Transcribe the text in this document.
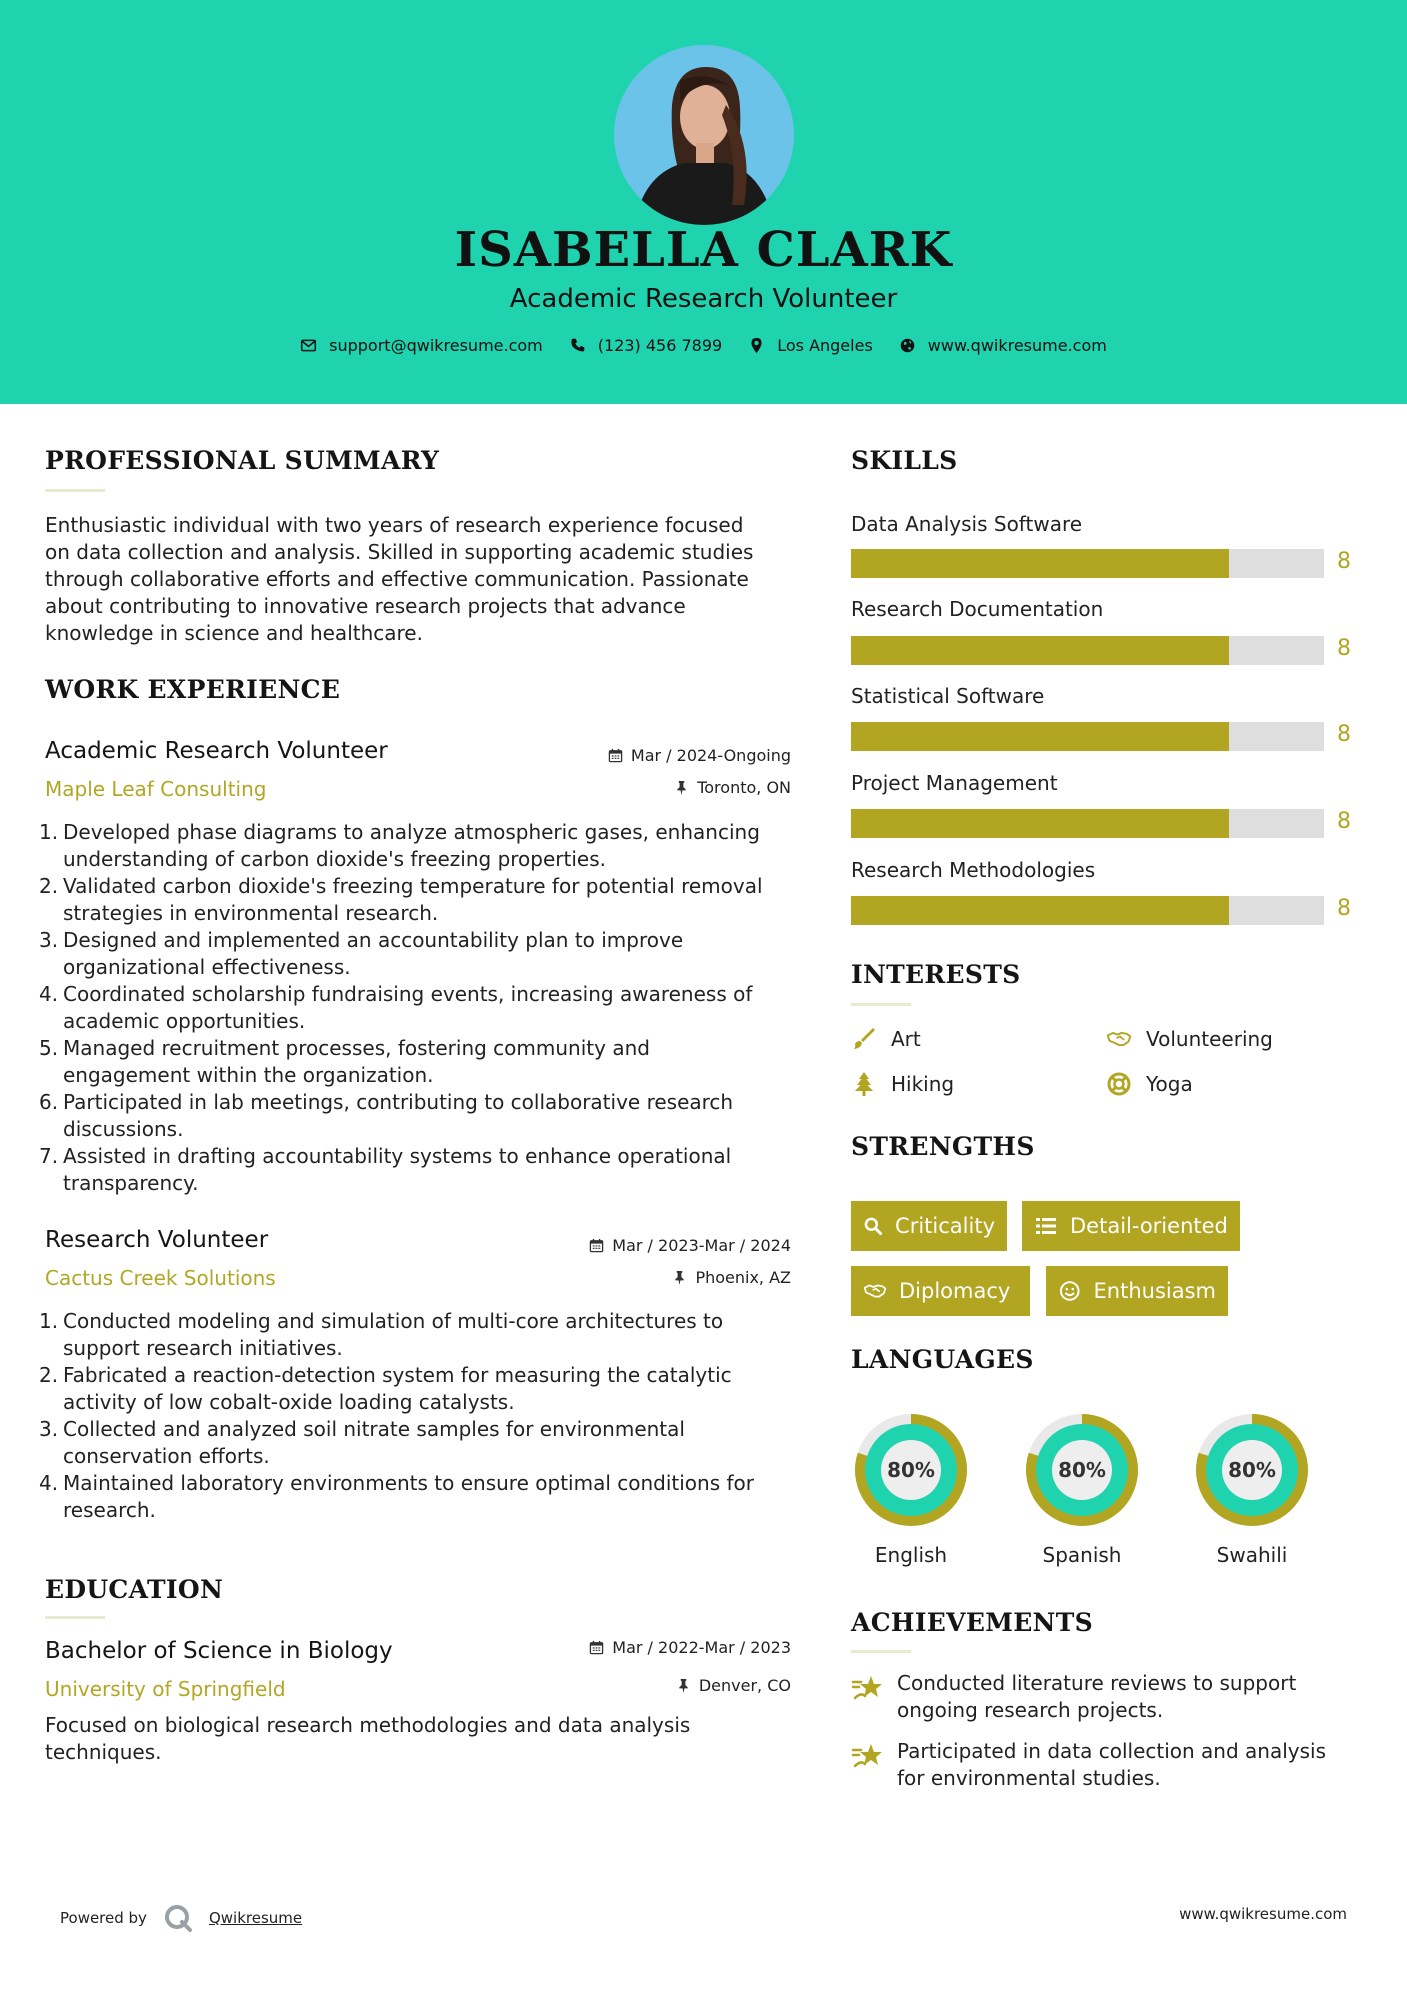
ISABELLA CLARK
Academic Research Volunteer
support@qwikresume.com	(123) 456 7899	Los Angeles	www.qwikresume.com
PROFESSIONAL SUMMARY
Enthusiastic individual with two years of research experience focused
on data collection and analysis. Skilled in supporting academic studies
through collaborative efforts and effective communication. Passionate
about contributing to innovative research projects that advance
knowledge in science and healthcare.
WORK EXPERIENCE
Academic Research Volunteer	Mar / 2024-Ongoing
Maple Leaf Consulting	Toronto, ON
1. Developed phase diagrams to analyze atmospheric gases, enhancing
understanding of carbon dioxide's freezing properties.
2. Validated carbon dioxide's freezing temperature for potential removal
strategies in environmental research.
3. Designed and implemented an accountability plan to improve
organizational effectiveness.
4. Coordinated scholarship fundraising events, increasing awareness of
academic opportunities.
5. Managed recruitment processes, fostering community and
engagement within the organization.
6. Participated in lab meetings, contributing to collaborative research
discussions.
7. Assisted in drafting accountability systems to enhance operational
transparency.
Research Volunteer	Mar / 2023-Mar / 2024
Cactus Creek Solutions	Phoenix, AZ
1. Conducted modeling and simulation of multi-core architectures to
support research initiatives.
2. Fabricated a reaction-detection system for measuring the catalytic
activity of low cobalt-oxide loading catalysts.
3. Collected and analyzed soil nitrate samples for environmental
conservation efforts.
4. Maintained laboratory environments to ensure optimal conditions for
research.
EDUCATION
Bachelor of Science in Biology	Mar / 2022-Mar / 2023
University of Springfield	Denver, CO
Focused on biological research methodologies and data analysis
techniques.
SKILLS
Data Analysis Software
8
Research Documentation
8
Statistical Software
8
Project Management
8
Research Methodologies
8
INTERESTS
Art	Volunteering
Hiking	Yoga
STRENGTHS
Criticality	Detail-oriented
Diplomacy	Enthusiasm
LANGUAGES
80%
English
80%
Spanish
80%
Swahili
ACHIEVEMENTS
Conducted literature reviews to support
ongoing research projects.
Participated in data collection and analysis
for environmental studies.
Powered by	Qwikresume	www.qwikresume.com
